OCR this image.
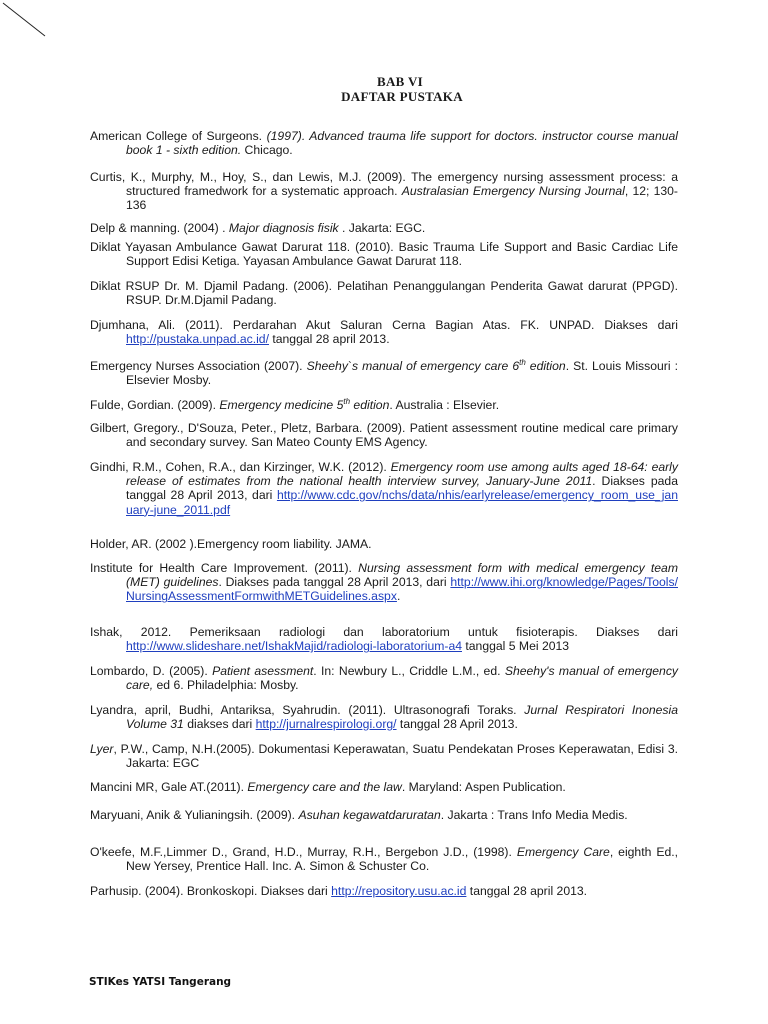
BAB VI
DAFTAR PUSTAKA
American College of Surgeons. (1997). Advanced trauma life support for doctors. instructor course manual book 1 - sixth edition. Chicago.
Curtis, K., Murphy, M., Hoy, S., dan Lewis, M.J. (2009). The emergency nursing assessment process: a structured framedwork for a systematic approach. Australasian Emergency Nursing Journal, 12; 130-136
Delp & manning. (2004) . Major diagnosis fisik . Jakarta: EGC.
Diklat Yayasan Ambulance Gawat Darurat 118. (2010). Basic Trauma Life Support and Basic Cardiac Life Support Edisi Ketiga. Yayasan Ambulance Gawat Darurat 118.
Diklat RSUP Dr. M. Djamil Padang. (2006). Pelatihan Penanggulangan Penderita Gawat darurat (PPGD). RSUP. Dr.M.Djamil Padang.
Djumhana, Ali. (2011). Perdarahan Akut Saluran Cerna Bagian Atas. FK. UNPAD. Diakses dari http://pustaka.unpad.ac.id/ tanggal 28 april 2013.
Emergency Nurses Association (2007). Sheehy`s manual of emergency care 6th edition. St. Louis Missouri : Elsevier Mosby.
Fulde, Gordian. (2009). Emergency medicine 5th edition. Australia : Elsevier.
Gilbert, Gregory., D'Souza, Peter., Pletz, Barbara. (2009). Patient assessment routine medical care primary and secondary survey. San Mateo County EMS Agency.
Gindhi, R.M., Cohen, R.A., dan Kirzinger, W.K. (2012). Emergency room use among aults aged 18-64: early release of estimates from the national health interview survey, January-June 2011. Diakses pada tanggal 28 April 2013, dari http://www.cdc.gov/nchs/data/nhis/earlyrelease/emergency_room_use_january-june_2011.pdf
Holder, AR. (2002 ).Emergency room liability. JAMA.
Institute for Health Care Improvement. (2011). Nursing assessment form with medical emergency team (MET) guidelines. Diakses pada tanggal 28 April 2013, dari http://www.ihi.org/knowledge/Pages/Tools/NursingAssessmentFormwithMETGuidelines.aspx.
Ishak, 2012. Pemeriksaan radiologi dan laboratorium untuk fisioterapis. Diakses dari http://www.slideshare.net/IshakMajid/radiologi-laboratorium-a4 tanggal 5 Mei 2013
Lombardo, D. (2005). Patient asessment. In: Newbury L., Criddle L.M., ed. Sheehy's manual of emergency care, ed 6. Philadelphia: Mosby.
Lyandra, april, Budhi, Antariksa, Syahrudin. (2011). Ultrasonografi Toraks. Jurnal Respiratori Inonesia Volume 31 diakses dari http://jurnalrespirologi.org/ tanggal 28 April 2013.
Lyer, P.W., Camp, N.H.(2005). Dokumentasi Keperawatan, Suatu Pendekatan Proses Keperawatan, Edisi 3. Jakarta: EGC
Mancini MR, Gale AT.(2011). Emergency care and the law. Maryland: Aspen Publication.
Maryuani, Anik & Yulianingsih. (2009). Asuhan kegawatdaruratan. Jakarta : Trans Info Media Medis.
O'keefe, M.F.,Limmer D., Grand, H.D., Murray, R.H., Bergebon J.D., (1998). Emergency Care, eighth Ed., New Yersey, Prentice Hall. Inc. A. Simon & Schuster Co.
Parhusip. (2004). Bronkoskopi. Diakses dari http://repository.usu.ac.id tanggal 28 april 2013.
STIKes YATSI Tangerang
